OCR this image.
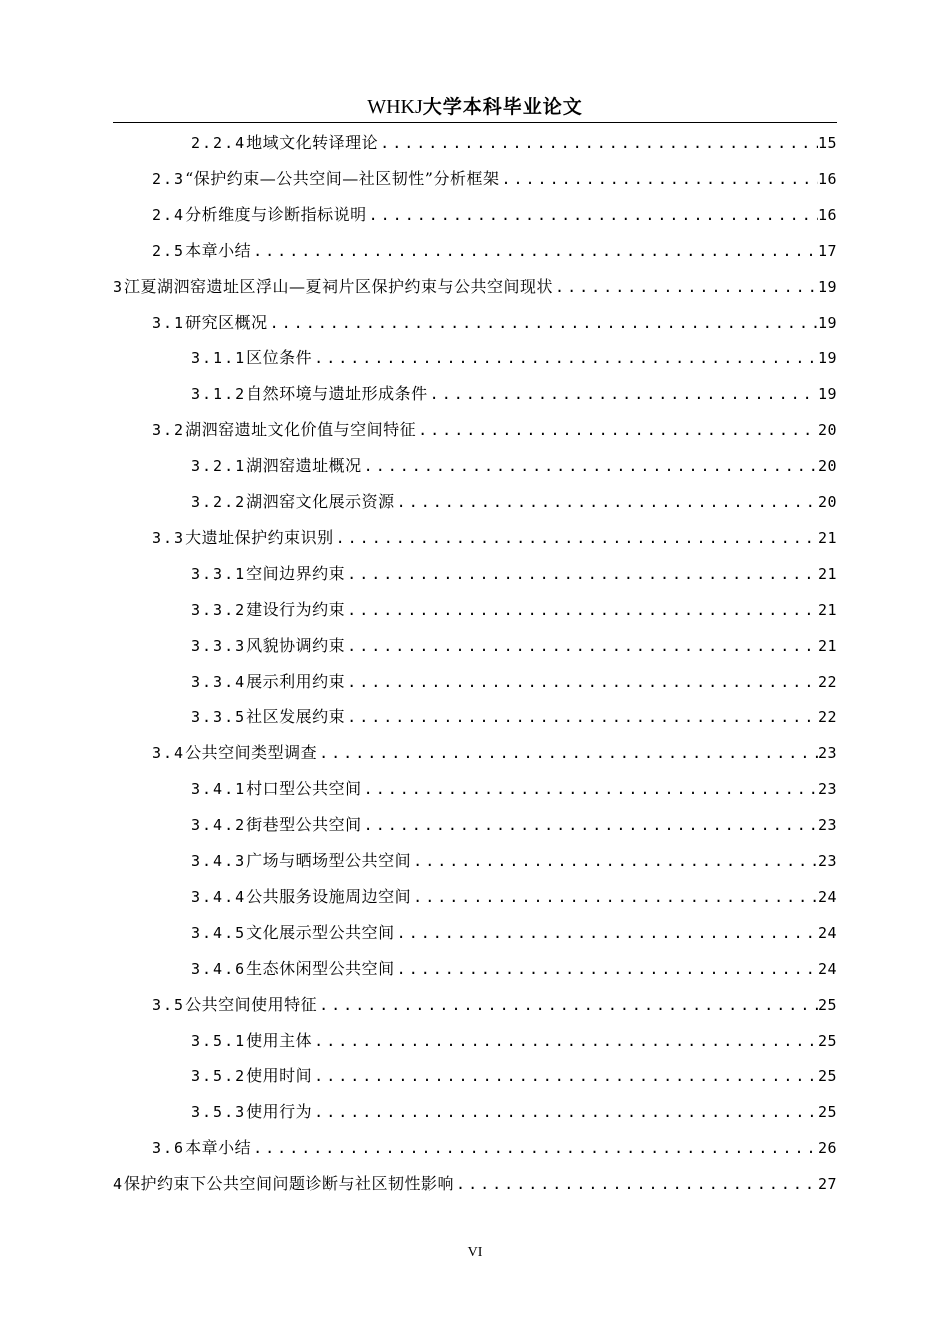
WHKJ大学本科毕业论文
2.2.4 地域文化转译理论 .....	15
2.3 “保护约束—公共空间—社区韧性”分析框架 .....	16
2.4 分析维度与诊断指标说明 .....	16
2.5 本章小结 .....	17
3 江夏湖泗窑遗址区浮山—夏祠片区保护约束与公共空间现状 .....	19
3.1 研究区概况 .....	19
3.1.1 区位条件 .....	19
3.1.2 自然环境与遗址形成条件 .....	19
3.2 湖泗窑遗址文化价值与空间特征 .....	20
3.2.1 湖泗窑遗址概况 .....	20
3.2.2 湖泗窑文化展示资源 .....	20
3.3 大遗址保护约束识别 .....	21
3.3.1 空间边界约束 .....	21
3.3.2 建设行为约束 .....	21
3.3.3 风貌协调约束 .....	21
3.3.4 展示利用约束 .....	22
3.3.5 社区发展约束 .....	22
3.4 公共空间类型调查 .....	23
3.4.1 村口型公共空间 .....	23
3.4.2 街巷型公共空间 .....	23
3.4.3 广场与晒场型公共空间 .....	23
3.4.4 公共服务设施周边空间 .....	24
3.4.5 文化展示型公共空间 .....	24
3.4.6 生态休闲型公共空间 .....	24
3.5 公共空间使用特征 .....	25
3.5.1 使用主体 .....	25
3.5.2 使用时间 .....	25
3.5.3 使用行为 .....	25
3.6 本章小结 .....	26
4 保护约束下公共空间问题诊断与社区韧性影响 .....	27
VI
